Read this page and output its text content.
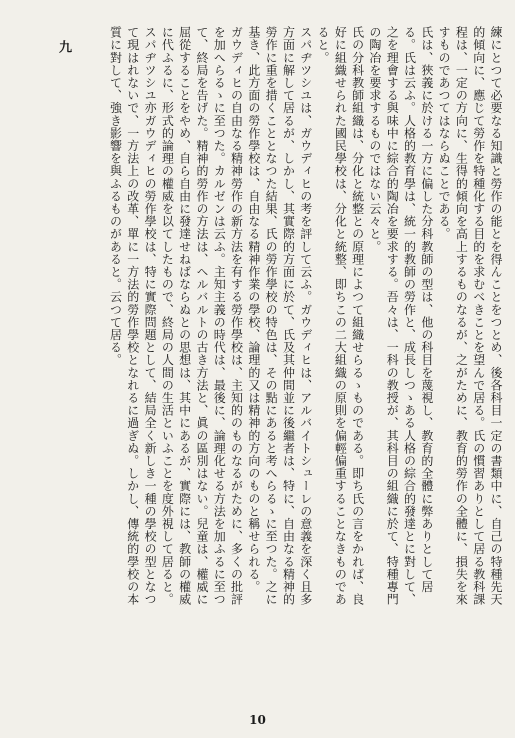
練にとつて必要なる知識と勞作の能とを得んことをつとめ、後各科目一定の書類中に、自己の特種先天的傾向に、應じて勞作を特種化する目的を求むべきことを望んで居る。氏の慣習ありとして居る教科課程は、一定の方向に、生得的傾向を高上するものなるが、之がために、教育的勞作の全體に、損失を來すものであつてはならぬことである。

氏は、狹義に於ける一方に偏した分科教師の型は、他の科目を蔑視し、教育的全體に弊ありとして居る。氏は云ふ。人格的教育學は、統一的教師の勞作と、成長しつゝある人格の綜合的發達とに對して、之を理會する與味中に綜合的陶冶を要求する。吾々は、一科の教授が、其科目の組織に於て、特種專門の陶冶を要求するものではない云々と。

氏の分科教師組織は、分化と統整との原理によつて組織せらるゝものである。即ち氏の言をかれば、良好に組織せられた國民學校は、分化と統整、即ちこの二大組織の原則を偏輕偏重することなきものであると。

スパヂツシユは、ガウディヒの考を評して云ふ。ガウディヒは、アルバイトシューレの意義を深く且多方面に解して居るが、しかし、其實際的方面に於て、氏及其仲間並に後繼者は、特に、自由なる精神的勞作に重を措くこととなつた結果、氏の勞作學校の特色は、その點にあると考へらるゝに至つた。之に基き、此方面の勞作學校は、自由なる精神作業の學校、論理的又は精神的方向のものと稱せられる。

ガウディヒの自由なる精神勞作の新方法を有する勞作學校は、主知的のものなるがために、多くの批評を加へらるゝに至つた。カルゼンは云ふ。主知主義の時代は、最後に、論理化せる方法を加ふるに至つて、終局を告げた。精神的勞作の方法は、ヘルバルトの古き方法と、眞の區別はない。兒童は、權威に屈從することをやめ、自ら自由に發達せねばならぬとの思想は、其中にあるが、實際には、教師の權威に代ふるに、形式的論理の權威を以てしたもので、終局の人間の生活といふことを度外視して居ると。スパヂツシユ亦ガウディヒの勞作學校は、特に實際問題として、結局全く新しき一種の學校の型となつて現はれないで、一方法上の改革、單に一方法的勞作學校となれるに過ぎぬ。しかし、傳統的學校の本質に對して、強き影響を與ふるものがあると。云つて居る。

九
10
